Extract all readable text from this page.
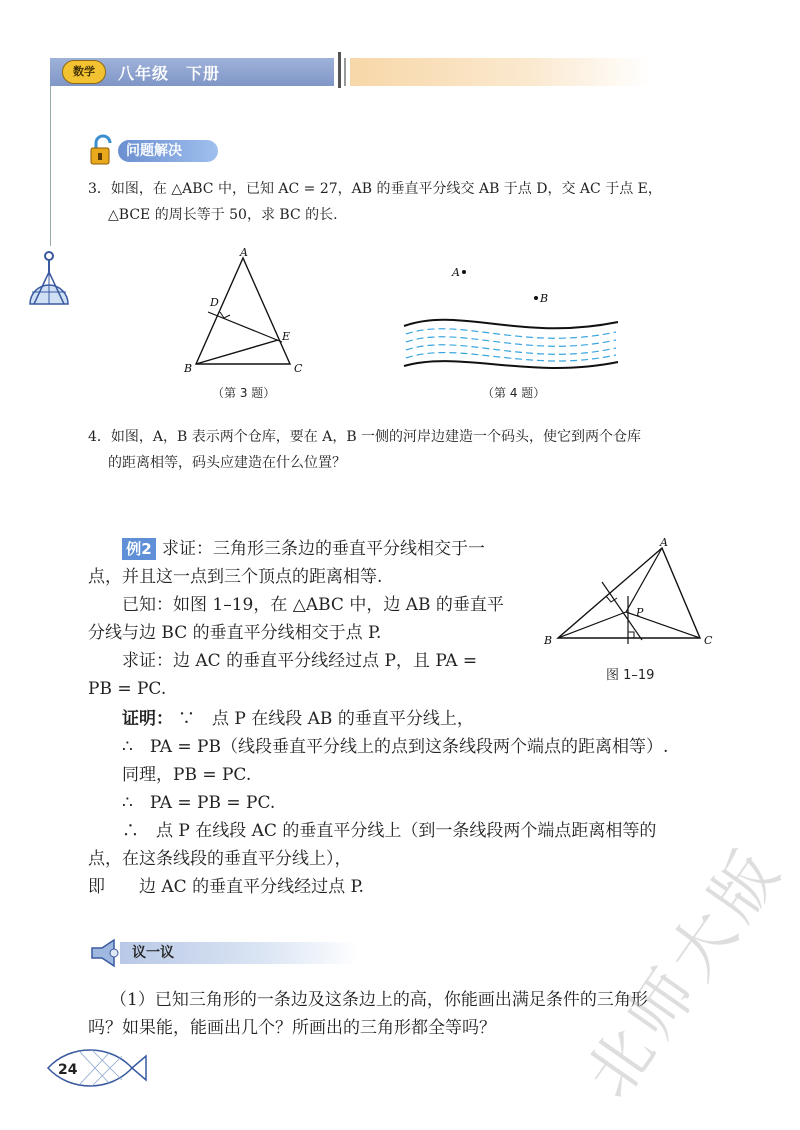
数学	八年级　下册
问题解决
3．如图，在 △ABC 中，已知 AC = 27，AB 的垂直平分线交 AB 于点 D，交 AC 于点 E，
△BCE 的周长等于 50，求 BC 的长.
A
B	C
D
E
（第 3 题）
A
B
（第 4 题）
4．如图，A，B 表示两个仓库，要在 A，B 一侧的河岸边建造一个码头，使它到两个仓库
的距离相等，码头应建造在什么位置？
例2 求证：三角形三条边的垂直平分线相交于一
点，并且这一点到三个顶点的距离相等.
已知：如图 1–19，在 △ABC 中，边 AB 的垂直平
分线与边 BC 的垂直平分线相交于点 P.
求证：边 AC 的垂直平分线经过点 P，且 PA =
PB = PC.
A
B	C
P
图 1–19
证明： ∵　点 P 在线段 AB 的垂直平分线上，
∴　PA = PB（线段垂直平分线上的点到这条线段两个端点的距离相等）.
同理，PB = PC.
∴　PA = PB = PC.
∴　点 P 在线段 AC 的垂直平分线上（到一条线段两个端点距离相等的
点，在这条线段的垂直平分线上），
即　　边 AC 的垂直平分线经过点 P.
议一议
（1）已知三角形的一条边及这条边上的高，你能画出满足条件的三角形
吗？如果能，能画出几个？所画出的三角形都全等吗？
24	北师大版
